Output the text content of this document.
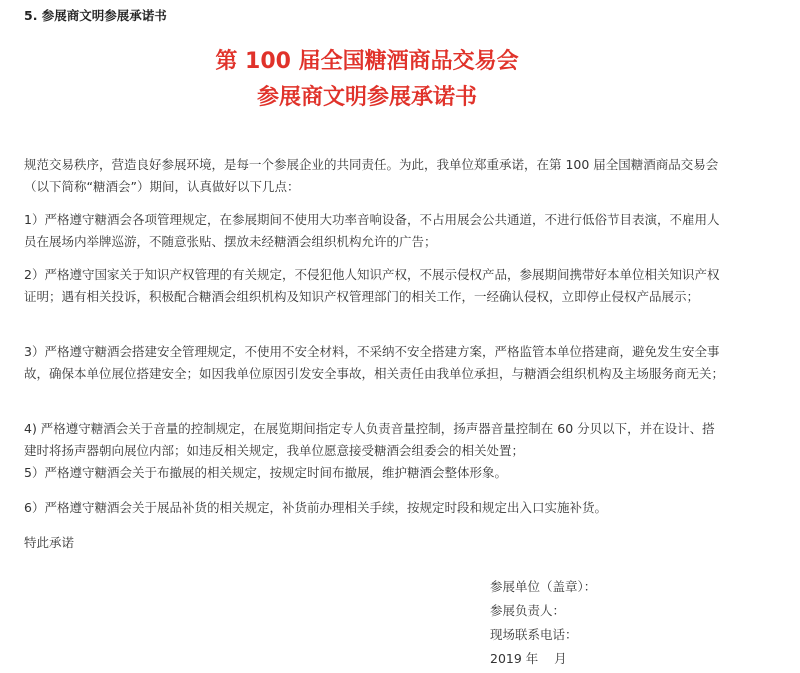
5. 参展商文明参展承诺书
第 100 届全国糖酒商品交易会
参展商文明参展承诺书

规范交易秩序，营造良好参展环境，是每一个参展企业的共同责任。为此，我单位郑重承诺，在第 100 届全国糖酒商品交易会（以下简称“糖酒会”）期间，认真做好以下几点：

1）严格遵守糖酒会各项管理规定，在参展期间不使用大功率音响设备，不占用展会公共通道，不进行低俗节目表演，不雇用人员在展场内举牌巡游，不随意张贴、摆放未经糖酒会组织机构允许的广告；

2）严格遵守国家关于知识产权管理的有关规定，不侵犯他人知识产权，不展示侵权产品，参展期间携带好本单位相关知识产权证明；遇有相关投诉，积极配合糖酒会组织机构及知识产权管理部门的相关工作，一经确认侵权，立即停止侵权产品展示；

3）严格遵守糖酒会搭建安全管理规定，不使用不安全材料，不采纳不安全搭建方案，严格监管本单位搭建商，避免发生安全事故，确保本单位展位搭建安全；如因我单位原因引发安全事故，相关责任由我单位承担，与糖酒会组织机构及主场服务商无关；

4) 严格遵守糖酒会关于音量的控制规定，在展览期间指定专人负责音量控制，扬声器音量控制在 60 分贝以下，并在设计、搭建时将扬声器朝向展位内部；如违反相关规定，我单位愿意接受糖酒会组委会的相关处置；

5）严格遵守糖酒会关于布撤展的相关规定，按规定时间布撤展，维护糖酒会整体形象。

6）严格遵守糖酒会关于展品补货的相关规定，补货前办理相关手续，按规定时段和规定出入口实施补货。

特此承诺

参展单位（盖章）：
参展负责人：
现场联系电话：
2019 年    月
